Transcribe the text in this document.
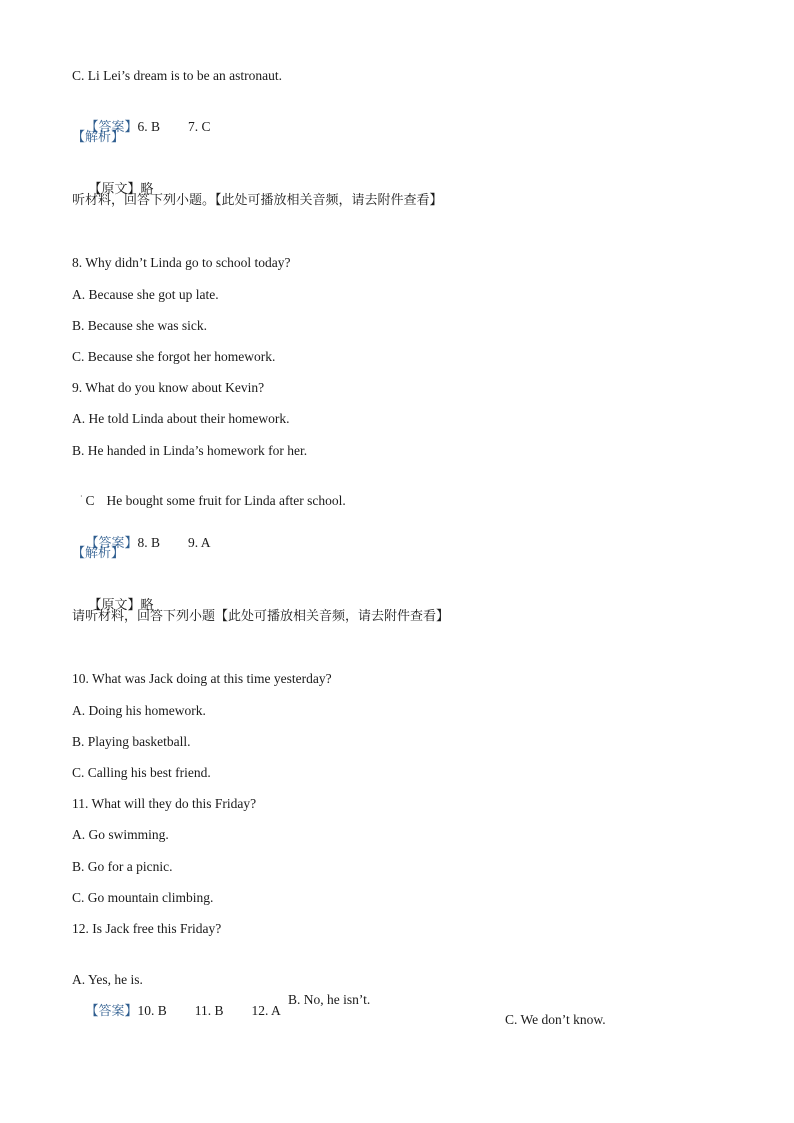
C. Li Lei’s dream is to be an astronaut.

【答案】6. B 7. C

【解析】

【原文】略

听材料，回答下列小题。【此处可播放相关音频，请去附件查看】
8. Why didn’t Linda go to school today?
A. Because she got up late.
B. Because she was sick.
C. Because she forgot her homework.
9. What do you know about Kevin?
A. He told Linda about their homework.
B. He handed in Linda’s homework for her.

C He bought some fruit for Linda after school.

·

【答案】8. B 9. A

【解析】

【原文】略

请听材料，回答下列小题【此处可播放相关音频，请去附件查看】
10. What was Jack doing at this time yesterday?
A. Doing his homework.
B. Playing basketball.
C. Calling his best friend.
11. What will they do this Friday?
A. Go swimming.
B. Go for a picnic.
C. Go mountain climbing.
12. Is Jack free this Friday?

A. Yes, he is.

B. No, he isn’t.

C. We don’t know.

【答案】10. B 11. B 12. A
